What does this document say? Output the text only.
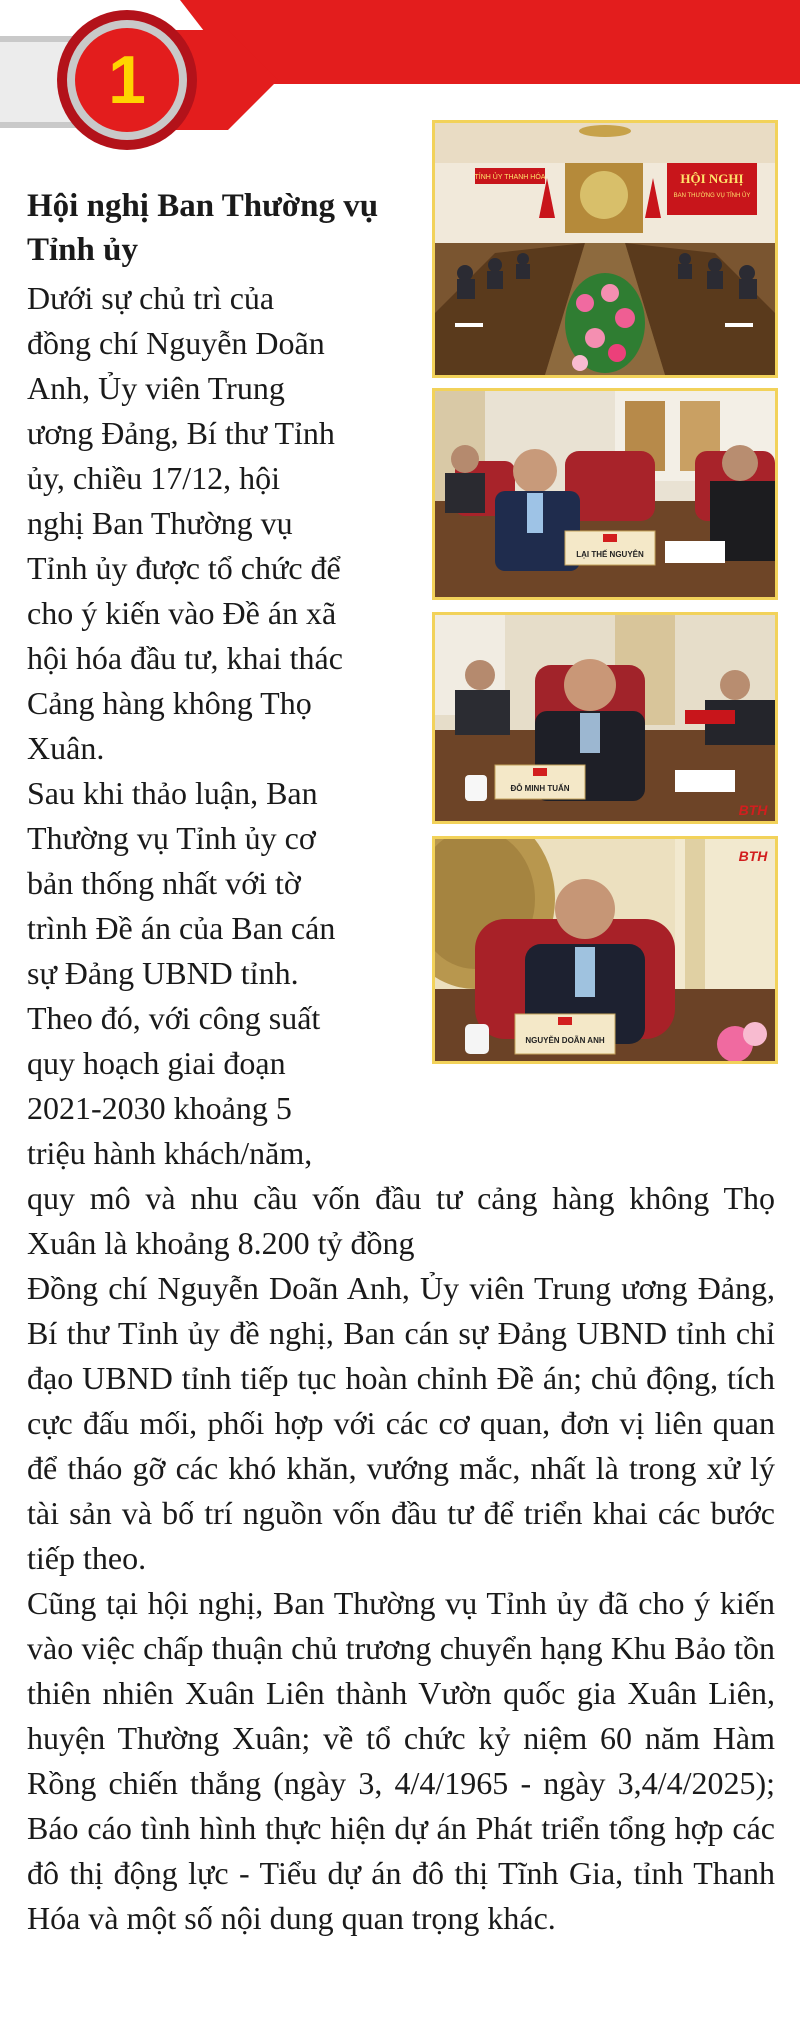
1
Hội nghị Ban Thường vụ Tỉnh ủy
Dưới sự chủ trì của
đồng chí Nguyễn Doãn
Anh, Ủy viên Trung
ương Đảng, Bí thư Tỉnh
ủy, chiều 17/12, hội
nghị Ban Thường vụ
Tỉnh ủy được tổ chức để
cho ý kiến vào Đề án xã
hội hóa đầu tư, khai thác
Cảng hàng không Thọ
Xuân.
Sau khi thảo luận, Ban
Thường vụ Tỉnh ủy cơ
bản thống nhất với tờ
trình Đề án của Ban cán
sự Đảng UBND tỉnh.
Theo đó, với công suất
quy hoạch giai đoạn
2021-2030 khoảng 5
triệu hành khách/năm,

quy mô và nhu cầu vốn đầu tư cảng hàng không Thọ Xuân là khoảng 8.200 tỷ đồng

Đồng chí Nguyễn Doãn Anh, Ủy viên Trung ương Đảng, Bí thư Tỉnh ủy đề nghị, Ban cán sự Đảng UBND tỉnh chỉ đạo UBND tỉnh tiếp tục hoàn chỉnh Đề án; chủ động, tích cực đấu mối, phối hợp với các cơ quan, đơn vị liên quan để tháo gỡ các khó khăn, vướng mắc, nhất là trong xử lý tài sản và bố trí nguồn vốn đầu tư để triển khai các bước tiếp theo.

Cũng tại hội nghị, Ban Thường vụ Tỉnh ủy đã cho ý kiến vào việc chấp thuận chủ trương chuyển hạng Khu Bảo tồn thiên nhiên Xuân Liên thành Vườn quốc gia Xuân Liên, huyện Thường Xuân; về tổ chức kỷ niệm 60 năm Hàm Rồng chiến thắng (ngày 3, 4/4/1965 - ngày 3,4/4/2025); Báo cáo tình hình thực hiện dự án Phát triển tổng hợp các đô thị động lực - Tiểu dự án đô thị Tĩnh Gia, tỉnh Thanh Hóa và một số nội dung quan trọng khác.

TỈNH ỦY THANH HÓA	HỘI NGHỊ
BAN THƯỜNG VỤ TỈNH ỦY
LẠI THẾ NGUYÊN
ĐỖ MINH TUẤN
BTH
NGUYỄN DOÃN ANH
BTH
